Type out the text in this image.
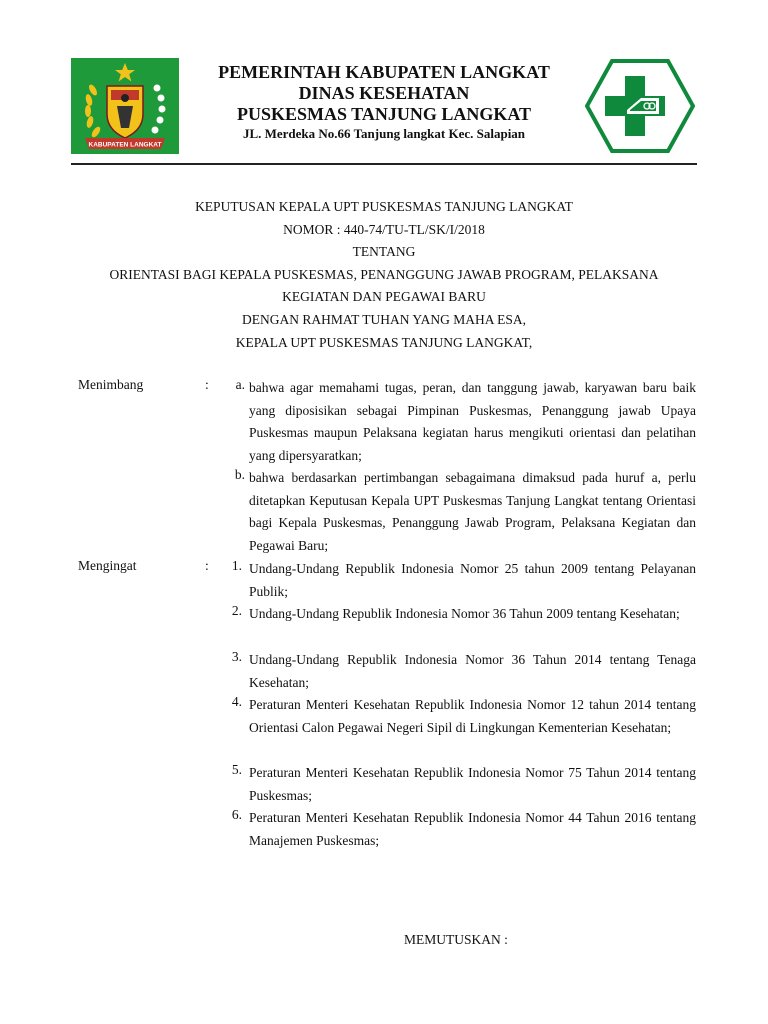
KABUPATEN LANGKAT
PEMERINTAH KABUPATEN LANGKAT
DINAS KESEHATAN
PUSKESMAS TANJUNG LANGKAT
JL. Merdeka No.66 Tanjung langkat Kec. Salapian
KEPUTUSAN KEPALA UPT PUSKESMAS TANJUNG LANGKAT
NOMOR : 440-74/TU-TL/SK/I/2018
TENTANG
ORIENTASI BAGI KEPALA PUSKESMAS, PENANGGUNG JAWAB PROGRAM, PELAKSANA
KEGIATAN DAN PEGAWAI BARU
DENGAN RAHMAT TUHAN YANG MAHA ESA,
KEPALA UPT PUSKESMAS TANJUNG LANGKAT,
Menimbang	:	a. bahwa agar memahami tugas, peran, dan tanggung jawab, karyawan baru baik yang diposisikan sebagai Pimpinan Puskesmas, Penanggung jawab Upaya Puskesmas maupun Pelaksana kegiatan harus mengikuti orientasi dan pelatihan yang dipersyaratkan;
b. bahwa berdasarkan pertimbangan sebagaimana dimaksud pada huruf a, perlu ditetapkan Keputusan Kepala UPT Puskesmas Tanjung Langkat tentang Orientasi bagi Kepala Puskesmas, Penanggung Jawab Program, Pelaksana Kegiatan dan Pegawai Baru;
Mengingat	:	1. Undang-Undang Republik Indonesia Nomor 25 tahun 2009 tentang Pelayanan Publik;
2. Undang-Undang Republik Indonesia Nomor 36 Tahun 2009 tentang Kesehatan;
3. Undang-Undang Republik Indonesia Nomor 36 Tahun 2014 tentang Tenaga Kesehatan;
4. Peraturan Menteri Kesehatan Republik Indonesia Nomor 12 tahun 2014 tentang Orientasi Calon Pegawai Negeri Sipil di Lingkungan Kementerian Kesehatan;
5. Peraturan Menteri Kesehatan Republik Indonesia Nomor 75 Tahun 2014 tentang Puskesmas;
6. Peraturan Menteri Kesehatan Republik Indonesia Nomor 44 Tahun 2016 tentang Manajemen Puskesmas;
MEMUTUSKAN :
